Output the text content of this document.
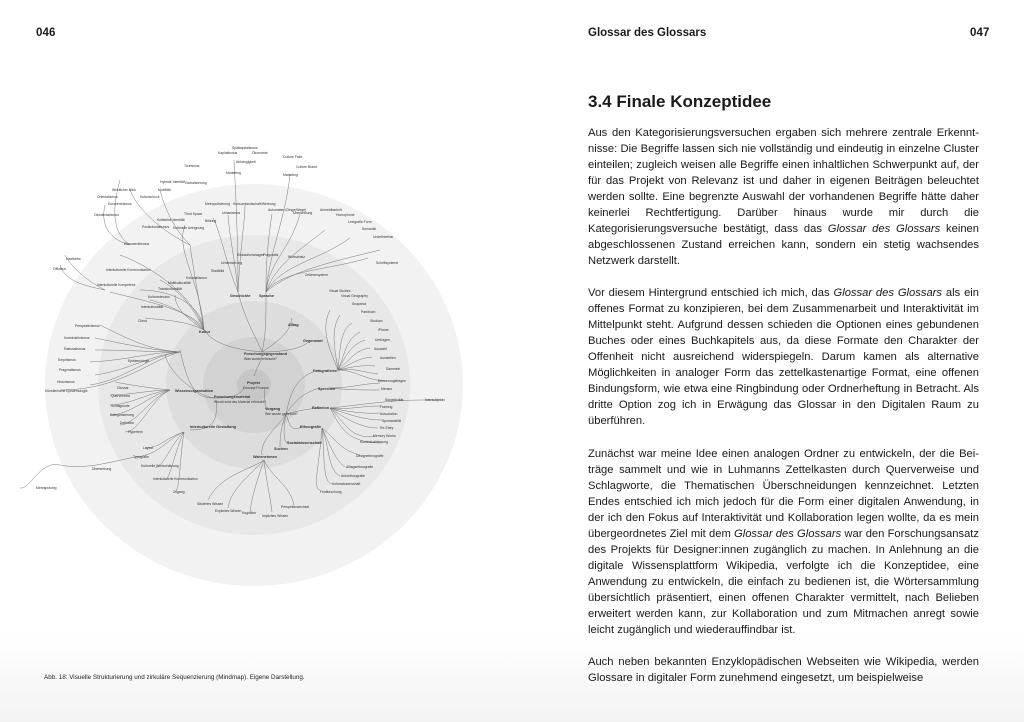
046	Glossar des Glossars	047
Projekt
Konzept Prozess
Forschungsgegenstand
Was wurde erforscht?
Forschungsmaterial
Womit wird das Material erforscht?
Vorgang
Wie wurde geforscht?
Kultur
Geschichte Sprache
Alltag
Gegenwart
Wissensorganisation
Interkulturelle Gestaltung
Wahrnehmen
Fotografieren
Sprechen
Reflexion
Ethnografie
Sozialwissenschaft
Suchen
Spätkapitalismus
Kapitalismus	Ökonomie
Abhängigkeit
Marketing
Culture Fake
Culture Brand
Marketing
Metropolisierung Konsumlandschaft/Werbung
Urbanismus
Automaten (Dinge/Wege)
Übersetzung
Anmeldbarkeit
Homophone
Lexigrafie Form
Semantik
Undefinierbar
Schriftsysteme
Zeichensystem
Einkaufsmanagen
Pragmatik
Urbanisierung
Stadtbild
Wortschatz
Tourismus
Globalisierung
Hybride Identität
Mobilität
Westlicher Blick
Orientalismus
Eurozentrismus
Okzidentalismus
Kulturschock
Third Space
Kollektive Identität	Bildung
Postkolonialismus Kulturelle Aneignung
Ethnozentrismus
Kolonialismus
Hautfarbe
Offizieux	Interkulturelle Kommunikation
Interkulturelle Kompetenz	Multikulturalität
Transkulturalität
Kulturrelevanz
Interkulturalität
China
Perspektivismus
Konstruktivismus
Rationalismus
Empirismus
Pragmatismus
Historismus
Künstlerische Epistemologie
Epistemologie
Glossar
Querverweis
Schlagworte
Kategorisierung
Definition
Hypertext
Layout
Typografie
Kulturelle Wertschätzung
Interkulturelle Kommunikation
Zugang
Übersetzung
Mehrsprachig
Visual Studies
Visual Geography
Snapshot
Parkbuch
Studium
iPhone
Umfragen
Auswahl
Ausstellen
Sammeln
Erinnerungsfragen
Mensur
Subjektivität	Intersubjektiv
Framing
Assoziation
Spontaneität
Re-Entry
Memory Works
Kontextualisierung
Designethnografie
Alltagsethnografie
Autoethnografie
Kulturwissenschaft
Feldforschung
Situiertes Wissen
Explizites Wissen Kognition
Implizites Wissen
Perspektivwechsel
Abb. 18: Visuelle Strukturierung und zirkuläre Sequenzierung (Mindmap). Eigene Darstellung.
3.4 Finale Konzeptidee

Aus den Kategorisierungsversuchen ergaben sich mehrere zentrale Erkenntnisse: Die Begriffe lassen sich nie vollständig und eindeutig in einzelne Cluster einteilen; zugleich weisen alle Begriffe einen inhaltlichen Schwerpunkt auf, der für das Projekt von Relevanz ist und daher in eigenen Beiträgen beleuchtet werden sollte. Eine begrenzte Auswahl der vorhandenen Begriffe hätte daher keinerlei Rechtfertigung. Darüber hinaus wurde mir durch die Kategorisierungsversuche bestätigt, dass das Glossar des Glossars keinen abgeschlossenen Zustand erreichen kann, sondern ein stetig wachsendes Netzwerk darstellt.

Vor diesem Hintergrund entschied ich mich, das Glossar des Glossars als ein offenes Format zu konzipieren, bei dem Zusammenarbeit und Interaktivität im Mittelpunkt steht. Aufgrund dessen schieden die Optionen eines gebundenen Buches oder eines Buchkapitels aus, da diese Formate den Charakter der Offenheit nicht ausreichend widerspiegeln. Darum kamen als alternative Möglichkeiten in analoger Form das zettelkastenartige Format, eine offenen Bindungsform, wie etwa eine Ringbindung oder Ordnerheftung in Betracht. Als dritte Option zog ich in Erwägung das Glossar in den Digitalen Raum zu überführen.

Zunächst war meine Idee einen analogen Ordner zu entwickeln, der die Beiträge sammelt und wie in Luhmanns Zettelkasten durch Querverweise und Schlagworte, die Thematischen Überschneidungen kennzeichnet. Letzten Endes entschied ich mich jedoch für die Form einer digitalen Anwendung, in der ich den Fokus auf Interaktivität und Kollaboration legen wollte, da es mein übergeordnetes Ziel mit dem Glossar des Glossars war den Forschungsansatz des Projekts für Designer:innen zugänglich zu machen. In Anlehnung an die digitale Wissensplattform Wikipedia, verfolgte ich die Konzeptidee, eine Anwendung zu entwickeln, die einfach zu bedienen ist, die Wörtersammlung übersichtlich präsentiert, einen offenen Charakter vermittelt, nach Belieben erweitert werden kann, zur Kollaboration und zum Mitmachen anregt sowie leicht zugänglich und wiederauffindbar ist.

Auch neben bekannten Enzyklopädischen Webseiten wie Wikipedia, werden Glossare in digitaler Form zunehmend eingesetzt, um beispielweise
